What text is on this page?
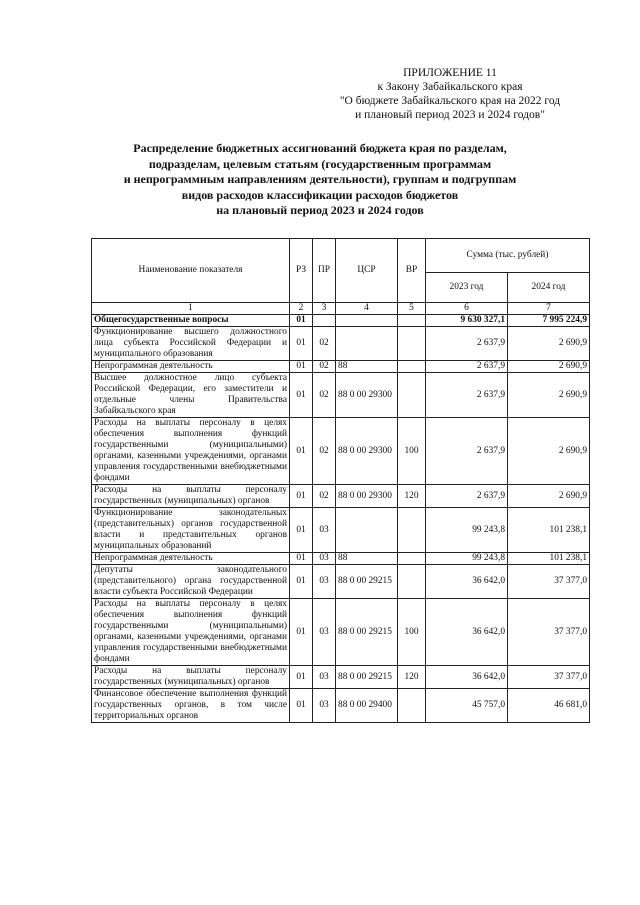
ПРИЛОЖЕНИЕ 11
к Закону Забайкальского края
"О бюджете Забайкальского края на 2022 год
и плановый период 2023 и 2024 годов"
Распределение бюджетных ассигнований бюджета края по разделам,
подразделам, целевым статьям (государственным программам
и непрограммным направлениям деятельности), группам и подгруппам
видов расходов классификации расходов бюджетов
на плановый период 2023 и 2024 годов
Наименование показателя	РЗ	ПР	ЦСР	ВР	Сумма (тыс. рублей)	
					2023 год	2024 год
1	2	3	4	5	6	7
Общегосударственные вопросы	01				9 630 327,1	7 995 224,9
Функционирование высшего должностного лица субъекта Российской Федерации и муниципального образования	01	02			2 637,9	2 690,9
Непрограммная деятельность	01	02	88		2 637,9	2 690,9
Высшее должностное лицо субъекта Российской Федерации, его заместители и отдельные члены Правительства Забайкальского края	01	02	88 0 00 29300		2 637,9	2 690,9
Расходы на выплаты персоналу в целях обеспечения выполнения функций государственными (муниципальными) органами, казенными учреждениями, органами управления государственными внебюджетными фондами	01	02	88 0 00 29300	100	2 637,9	2 690,9
Расходы на выплаты персоналу государственных (муниципальных) органов	01	02	88 0 00 29300	120	2 637,9	2 690,9
Функционирование законодательных (представительных) органов государственной власти и представительных органов муниципальных образований	01	03			99 243,8	101 238,1
Непрограммная деятельность	01	03	88		99 243,8	101 238,1
Депутаты законодательного (представительного) органа государственной власти субъекта Российской Федерации	01	03	88 0 00 29215		36 642,0	37 377,0
Расходы на выплаты персоналу в целях обеспечения выполнения функций государственными (муниципальными) органами, казенными учреждениями, органами управления государственными внебюджетными фондами	01	03	88 0 00 29215	100	36 642,0	37 377,0
Расходы на выплаты персоналу государственных (муниципальных) органов	01	03	88 0 00 29215	120	36 642,0	37 377,0
Финансовое обеспечение выполнения функций государственных органов, в том числе территориальных органов	01	03	88 0 00 29400		45 757,0	46 681,0
